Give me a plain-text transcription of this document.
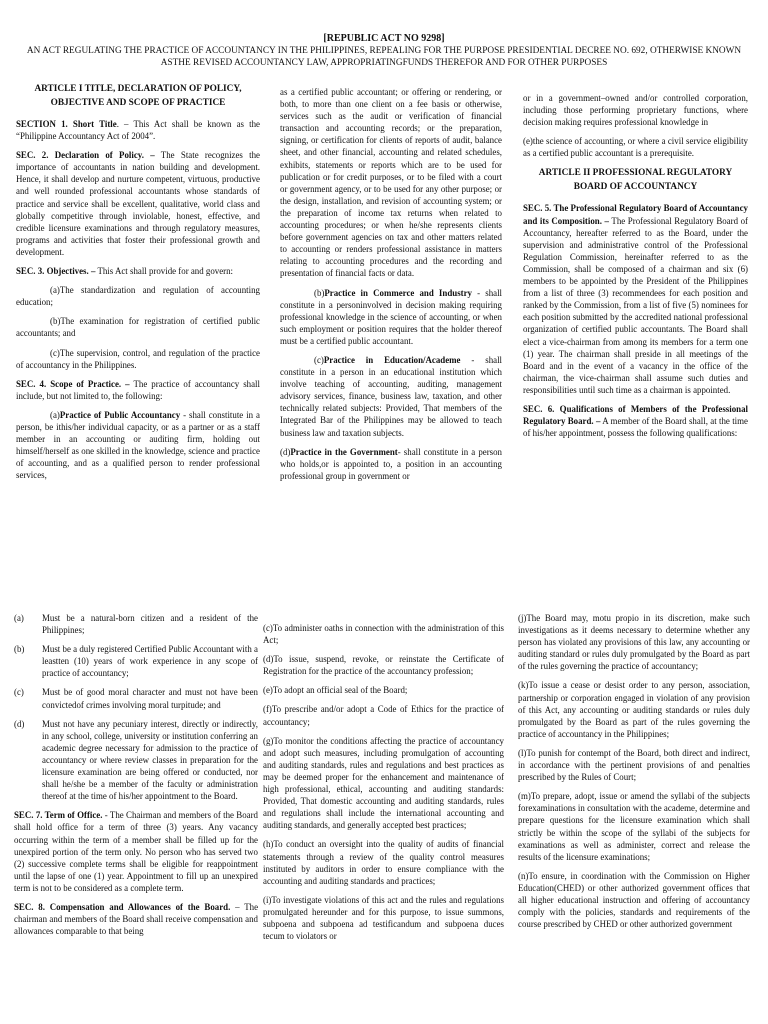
[REPUBLIC ACT NO 9298]
AN ACT REGULATING THE PRACTICE OF ACCOUNTANCY IN THE PHILIPPINES, REPEALING FOR THE PURPOSE PRESIDENTIAL DECREE NO. 692, OTHERWISE KNOWN ASTHE REVISED ACCOUNTANCY LAW, APPROPRIATINGFUNDS THEREFOR AND FOR OTHER PURPOSES
ARTICLE I TITLE, DECLARATION OF POLICY, OBJECTIVE AND SCOPE OF PRACTICE

SECTION 1. Short Title. – This Act shall be known as the “Philippine Accountancy Act of 2004”.

SEC. 2. Declaration of Policy. – The State recognizes the importance of accountants in nation building and development. Hence, it shall develop and nurture competent, virtuous, productive and well rounded professional accountants whose standards of practice and service shall be excellent, qualitative, world class and globally competitive through inviolable, honest, effective, and credible licensure examinations and through regulatory measures, programs and activities that foster their professional growth and development.

SEC. 3. Objectives. – This Act shall provide for and govern:

(a)The standardization and regulation of accounting education;

(b)The examination for registration of certified public accountants; and

(c)The supervision, control, and regulation of the practice of accountancy in the Philippines.

SEC. 4. Scope of Practice. – The practice of accountancy shall include, but not limited to, the following:

(a)Practice of Public Accountancy - shall constitute in a person, be ithis/her individual capacity, or as a partner or as a staff member in an accounting or auditing firm, holding out himself/herself as one skilled in the knowledge, science and practice of accounting, and as a qualified person to render professional services,

as a certified public accountant; or offering or rendering, or both, to more than one client on a fee basis or otherwise, services such as the audit or verification of financial transaction and accounting records; or the preparation, signing, or certification for clients of reports of audit, balance sheet, and other financial, accounting and related schedules, exhibits, statements or reports which are to be used for publication or for credit purposes, or to be filed with a court or government agency, or to be used for any other purpose; or the design, installation, and revision of accounting system; or the preparation of income tax returns when related to accounting procedures; or when he/she represents clients before government agencies on tax and other matters related to accounting or renders professional assistance in matters relating to accounting procedures and the recording and presentation of financial facts or data.

(b)Practice in Commerce and Industry - shall constitute in a personinvolved in decision making requiring professional knowledge in the science of accounting, or when such employment or position requires that the holder thereof must be a certified public accountant.

(c)Practice in Education/Academe - shall constitute in a person in an educational institution which involve teaching of accounting, auditing, management advisory services, finance, business law, taxation, and other technically related subjects: Provided, That members of the Integrated Bar of the Philippines may be allowed to teach business law and taxation subjects.

(d)Practice in the Government- shall constitute in a person who holds,or is appointed to, a position in an accounting professional group in government or

or in a government–owned and/or controlled corporation, including those performing proprietary functions, where decision making requires professional knowledge in

(e)the science of accounting, or where a civil service eligibility as a certified public accountant is a prerequisite.

ARTICLE II PROFESSIONAL REGULATORY BOARD OF ACCOUNTANCY

SEC. 5. The Professional Regulatory Board of Accountancy and its Composition. – The Professional Regulatory Board of Accountancy, hereafter referred to as the Board, under the supervision and administrative control of the Professional Regulation Commission, hereinafter referred to as the Commission, shall be composed of a chairman and six (6) members to be appointed by the President of the Philippines from a list of three (3) recommendees for each position and ranked by the Commission, from a list of five (5) nominees for each position submitted by the accredited national professional organization of certified public accountants. The Board shall elect a vice-chairman from among its members for a term one (1) year. The chairman shall preside in all meetings of the Board and in the event of a vacancy in the office of the chairman, the vice-chairman shall assume such duties and responsibilities until such time as a chairman is appointed.

SEC. 6. Qualifications of Members of the Professional Regulatory Board. – A member of the Board shall, at the time of his/her appointment, possess the following qualifications:

(a)	Must be a natural-born citizen and a resident of the Philippines;

(b)	Must be a duly registered Certified Public Accountant with a leastten (10) years of work experience in any scope of practice of accountancy;

(c)	Must be of good moral character and must not have been convictedof crimes involving moral turpitude; and

(d)	Must not have any pecuniary interest, directly or indirectly, in any school, college, university or institution conferring an academic degree necessary for admission to the practice of accountancy or where review classes in preparation for the licensure examination are being offered or conducted, nor shall he/she be a member of the faculty or administration thereof at the time of his/her appointment to the Board.

SEC. 7. Term of Office. - The Chairman and members of the Board shall hold office for a term of three (3) years. Any vacancy occurring within the term of a member shall be filled up for the unexpired portion of the term only. No person who has served two (2) successive complete terms shall be eligible for reappointment until the lapse of one (1) year. Appointment to fill up an unexpired term is not to be considered as a complete term.

SEC. 8. Compensation and Allowances of the Board. – The chairman and members of the Board shall receive compensation and allowances comparable to that being

(c)To administer oaths in connection with the administration of this Act;

(d)To issue, suspend, revoke, or reinstate the Certificate of Registration for the practice of the accountancy profession;

(e)To adopt an official seal of the Board;

(f)To prescribe and/or adopt a Code of Ethics for the practice of accountancy;

(g)To monitor the conditions affecting the practice of accountancy and adopt such measures, including promulgation of accounting and auditing standards, rules and regulations and best practices as may be deemed proper for the enhancement and maintenance of high professional, ethical, accounting and auditing standards: Provided, That domestic accounting and auditing standards, rules and regulations shall include the international accounting and auditing standards, and generally accepted best practices;

(h)To conduct an oversight into the quality of audits of financial statements through a review of the quality control measures instituted by auditors in order to ensure compliance with the accounting and auditing standards and practices;

(i)To investigate violations of this act and the rules and regulations promulgated hereunder and for this purpose, to issue summons, subpoena and subpoena ad testificandum and subpoena duces tecum to violators or

(j)The Board may, motu propio in its discretion, make such investigations as it deems necessary to determine whether any person has violated any provisions of this law, any accounting or auditing standard or rules duly promulgated by the Board as part of the rules governing the practice of accountancy;

(k)To issue a cease or desist order to any person, association, partnership or corporation engaged in violation of any provision of this Act, any accounting or auditing standards or rules duly promulgated by the Board as part of the rules governing the practice of accountancy in the Philippines;

(l)To punish for contempt of the Board, both direct and indirect, in accordance with the pertinent provisions of and penalties prescribed by the Rules of Court;

(m)To prepare, adopt, issue or amend the syllabi of the subjects forexaminations in consultation with the academe, determine and prepare questions for the licensure examination which shall strictly be within the scope of the syllabi of the subjects for examinations as well as administer, correct and release the results of the licensure examinations;

(n)To ensure, in coordination with the Commission on Higher Education(CHED) or other authorized government offices that all higher educational instruction and offering of accountancy comply with the policies, standards and requirements of the course prescribed by CHED or other authorized government
